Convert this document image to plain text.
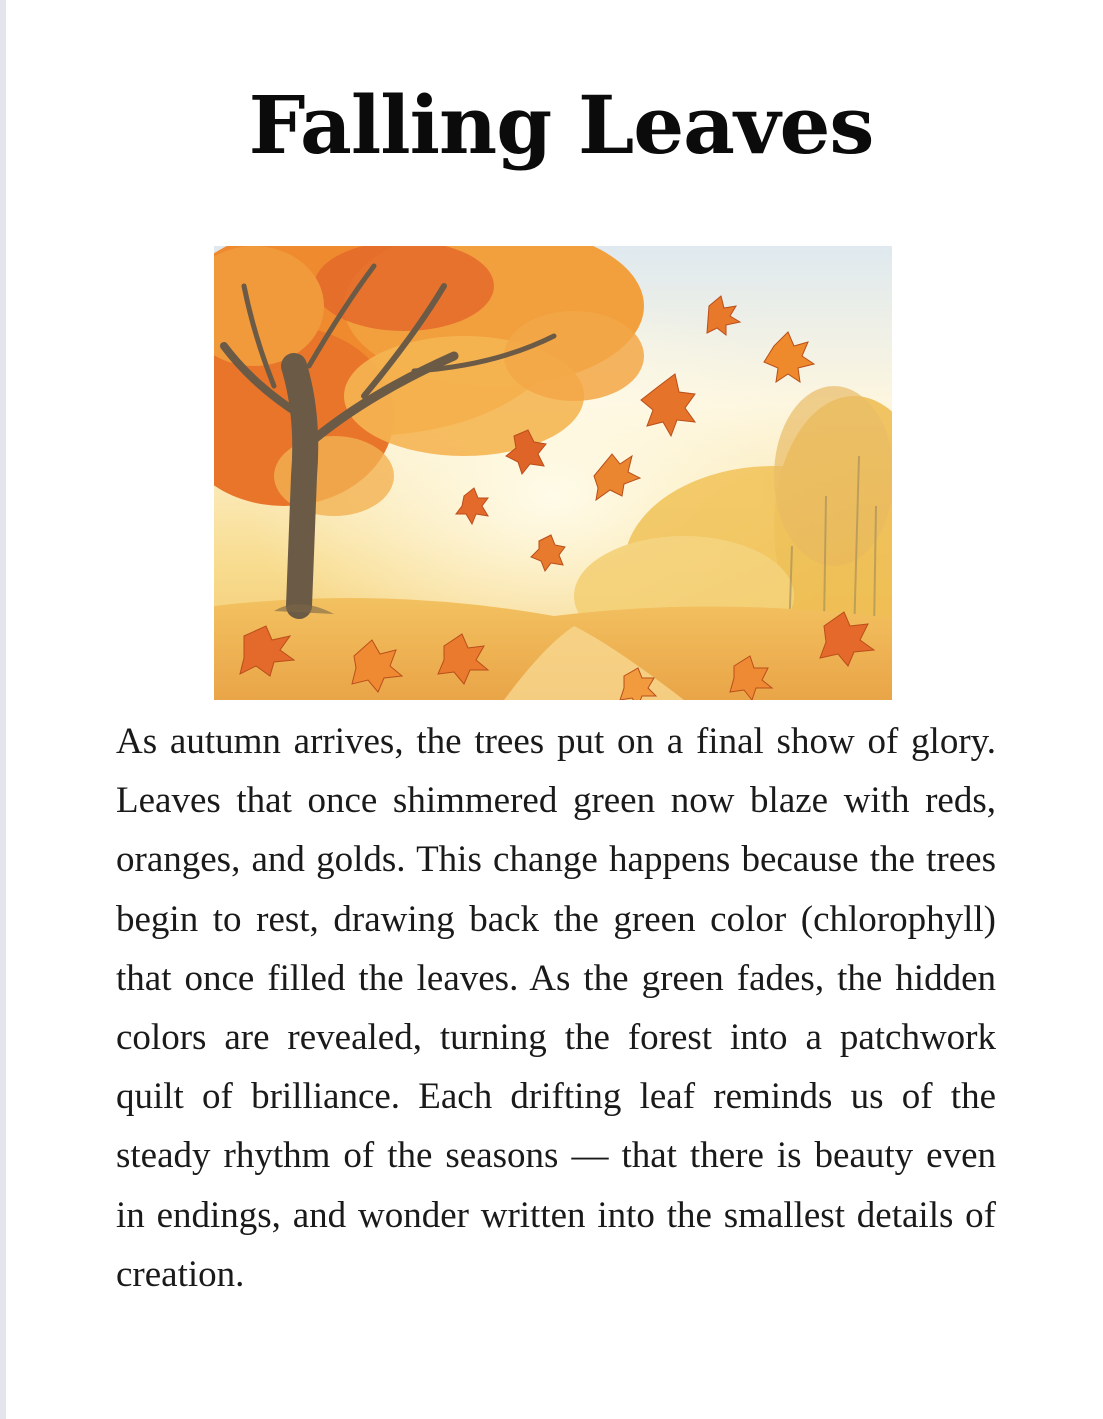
Falling Leaves

As autumn arrives, the trees put on a final show of glory. Leaves that once shimmered green now blaze with reds, oranges, and golds. This change happens because the trees begin to rest, drawing back the green color (chlorophyll) that once filled the leaves. As the green fades, the hidden colors are revealed, turning the forest into a patchwork quilt of brilliance. Each drifting leaf reminds us of the steady rhythm of the seasons — that there is beauty even in endings, and wonder written into the smallest details of creation.
